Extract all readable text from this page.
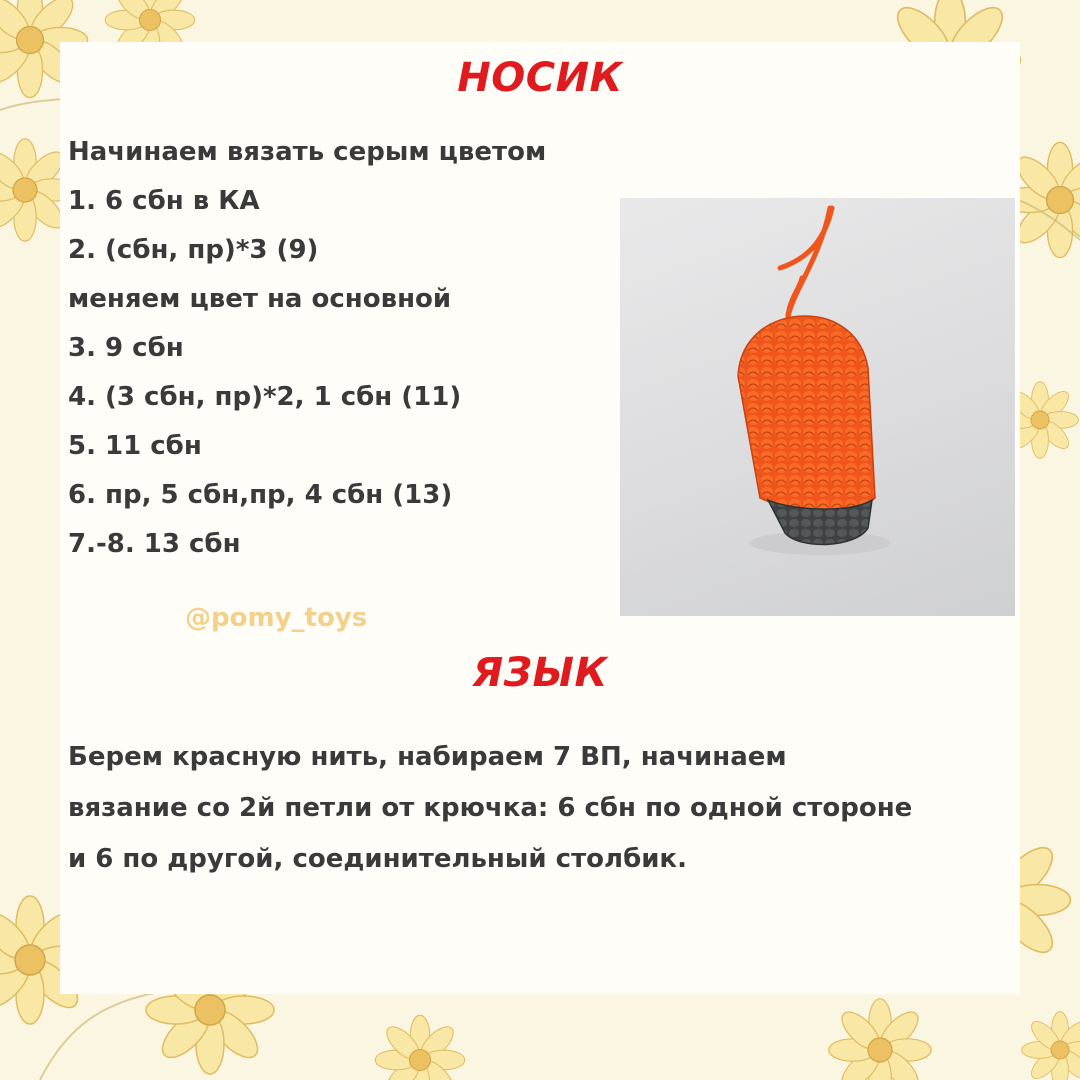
НОСИК
Начинаем вязать серым цветом
1. 6 сбн в КА
2. (сбн, пр)*3 (9)
меняем цвет на основной
3. 9 сбн
4. (3 сбн, пр)*2, 1 сбн (11)
5. 11 сбн
6. пр, 5 сбн,пр, 4 сбн (13)
7.-8. 13 сбн
@pomy_toys
ЯЗЫК
Берем красную нить, набираем 7 ВП, начинаем
вязание со 2й петли от крючка: 6 сбн по одной стороне
и 6 по другой, соединительный столбик.
